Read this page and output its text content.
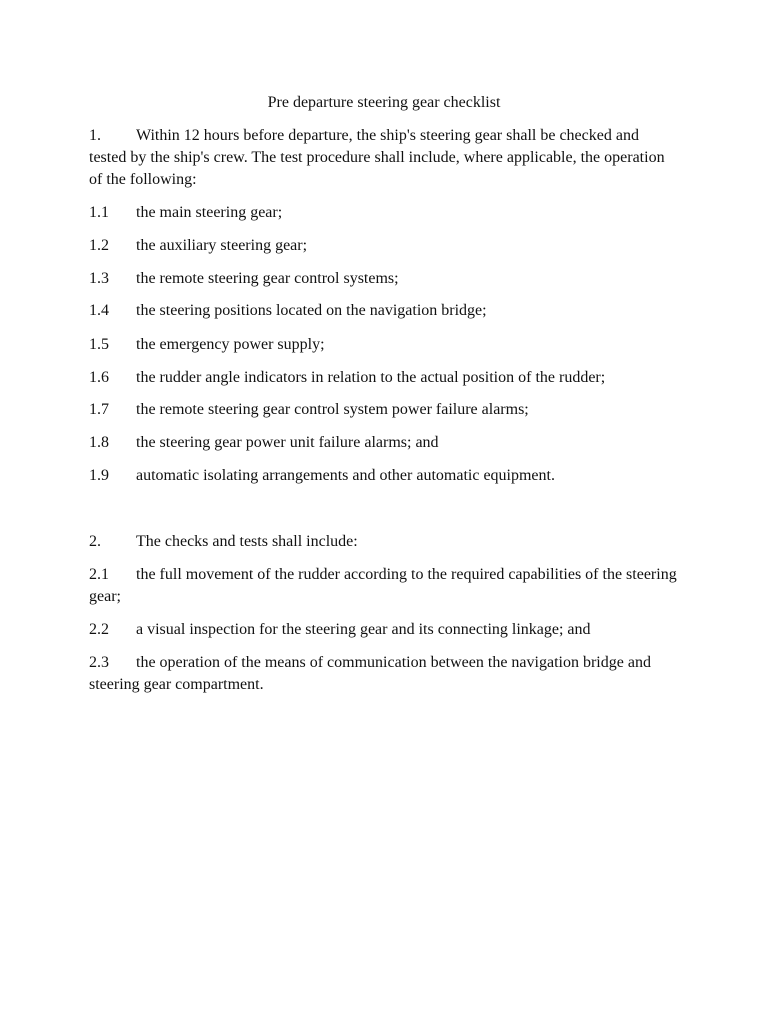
Pre departure steering gear checklist

1. Within 12 hours before departure, the ship's steering gear shall be checked and tested by the ship's crew. The test procedure shall include, where applicable, the operation of the following:

1.1 the main steering gear;

1.2 the auxiliary steering gear;

1.3 the remote steering gear control systems;

1.4 the steering positions located on the navigation bridge;

1.5 the emergency power supply;

1.6 the rudder angle indicators in relation to the actual position of the rudder;

1.7 the remote steering gear control system power failure alarms;

1.8 the steering gear power unit failure alarms; and

1.9 automatic isolating arrangements and other automatic equipment.

2. The checks and tests shall include:

2.1 the full movement of the rudder according to the required capabilities of the steering gear;

2.2 a visual inspection for the steering gear and its connecting linkage; and

2.3 the operation of the means of communication between the navigation bridge and steering gear compartment.
